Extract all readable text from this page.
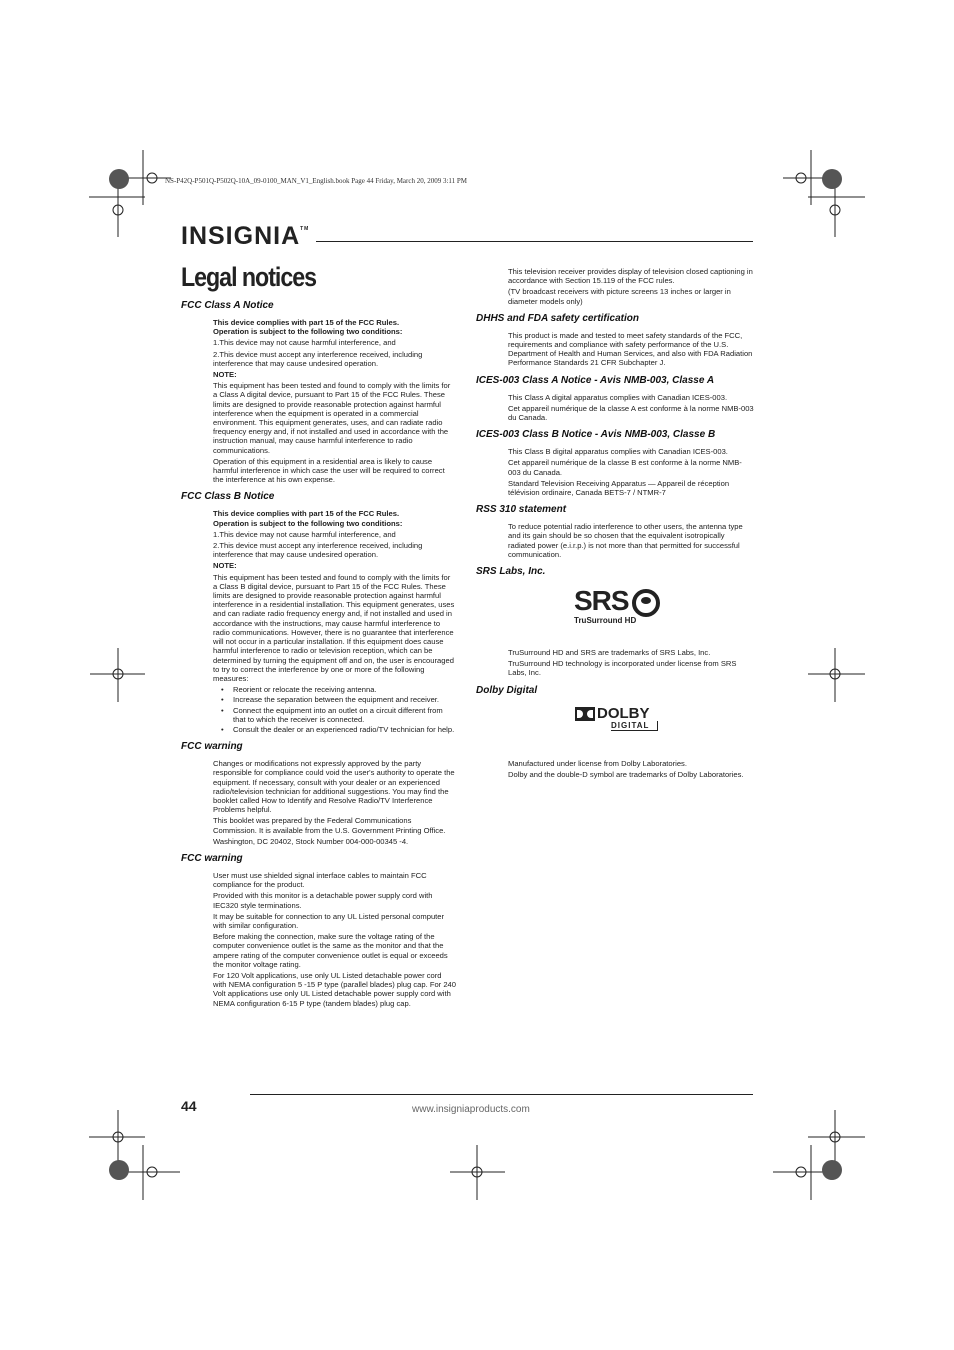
NS-P42Q-P501Q-P502Q-10A_09-0100_MAN_V1_English.book Page 44 Friday, March 20, 2009 3:11 PM
INSIGNIA™
Legal notices
FCC Class A Notice

This device complies with part 15 of the FCC Rules.

Operation is subject to the following two conditions:

1.This device may not cause harmful interference, and

2.This device must accept any interference received, including interference that may cause undesired operation.

NOTE:

This equipment has been tested and found to comply with the limits for a Class A digital device, pursuant to Part 15 of the FCC Rules. These limits are designed to provide reasonable protection against harmful interference when the equipment is operated in a commercial environment. This equipment generates, uses, and can radiate radio frequency energy and, if not installed and used in accordance with the instruction manual, may cause harmful interference to radio communications.

Operation of this equipment in a residential area is likely to cause harmful interference in which case the user will be required to correct the interference at his own expense.

FCC Class B Notice

This device complies with part 15 of the FCC Rules.

Operation is subject to the following two conditions:

1.This device may not cause harmful interference, and

2.This device must accept any interference received, including interference that may cause undesired operation.

NOTE:

This equipment has been tested and found to comply with the limits for a Class B digital device, pursuant to Part 15 of the FCC Rules. These limits are designed to provide reasonable protection against harmful interference in a residential installation. This equipment generates, uses and can radiate radio frequency energy and, if not installed and used in accordance with the instructions, may cause harmful interference to radio communications. However, there is no guarantee that interference will not occur in a particular installation. If this equipment does cause harmful interference to radio or television reception, which can be determined by turning the equipment off and on, the user is encouraged to try to correct the interference by one or more of the following measures:

• Reorient or relocate the receiving antenna.
• Increase the separation between the equipment and receiver.
• Connect the equipment into an outlet on a circuit different from that to which the receiver is connected.
• Consult the dealer or an experienced radio/TV technician for help.
FCC warning

Changes or modifications not expressly approved by the party responsible for compliance could void the user's authority to operate the equipment. If necessary, consult with your dealer or an experienced radio/television technician for additional suggestions. You may find the booklet called How to Identify and Resolve Radio/TV Interference Problems helpful.

This booklet was prepared by the Federal Communications Commission. It is available from the U.S. Government Printing Office.

Washington, DC 20402, Stock Number 004-000-00345 -4.

FCC warning

User must use shielded signal interface cables to maintain FCC compliance for the product.

Provided with this monitor is a detachable power supply cord with IEC320 style terminations.

It may be suitable for connection to any UL Listed personal computer with similar configuration.

Before making the connection, make sure the voltage rating of the computer convenience outlet is the same as the monitor and that the ampere rating of the computer convenience outlet is equal or exceeds the monitor voltage rating.

For 120 Volt applications, use only UL Listed detachable power cord with NEMA configuration 5 -15 P type (parallel blades) plug cap. For 240 Volt applications use only UL Listed detachable power supply cord with NEMA configuration 6-15 P type (tandem blades) plug cap.

This television receiver provides display of television closed captioning in accordance with Section 15.119 of the FCC rules.

(TV broadcast receivers with picture screens 13 inches or larger in diameter models only)

DHHS and FDA safety certification

This product is made and tested to meet safety standards of the FCC, requirements and compliance with safety performance of the U.S. Department of Health and Human Services, and also with FDA Radiation Performance Standards 21 CFR Subchapter J.

ICES-003 Class A Notice - Avis NMB-003, Classe A

This Class A digital apparatus complies with Canadian ICES-003.

Cet appareil numérique de la classe A est conforme à la norme NMB-003 du Canada.

ICES-003 Class B Notice - Avis NMB-003, Classe B

This Class B digital apparatus complies with Canadian ICES-003.

Cet appareil numérique de la classe B est conforme à la norme NMB-003 du Canada.

Standard Television Receiving Apparatus — Appareil de réception télévision ordinaire, Canada BETS-7 / NTMR-7

RSS 310 statement

To reduce potential radio interference to other users, the antenna type and its gain should be so chosen that the equivalent isotropically radiated power (e.i.r.p.) is not more than that permitted for successful communication.

SRS Labs, Inc.
SRS
TruSurround HD

TruSurround HD and SRS are trademarks of SRS Labs, Inc.

TruSurround HD technology is incorporated under license from SRS Labs, Inc.

Dolby Digital
DOLBY
DIGITAL

Manufactured under license from Dolby Laboratories.

Dolby and the double-D symbol are trademarks of Dolby Laboratories.

44	www.insigniaproducts.com
